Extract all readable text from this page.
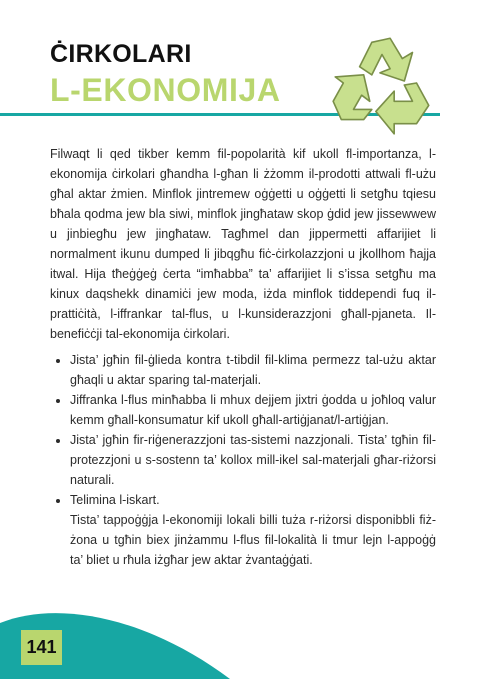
ĊIRKOLARI
L-EKONOMIJA

Filwaqt li qed tikber kemm fil-popolarità kif ukoll fl-importanza, l-ekonomija ċirkolari għandha l-għan li żżomm il-prodotti attwali fl-użu għal aktar żmien. Minflok jintremew oġġetti u oġġetti li setgħu tqiesu bħala qodma jew bla siwi, minflok jingħataw skop ġdid jew jissewwew u jinbiegħu jew jingħataw. Tagħmel dan jippermetti affarijiet li normalment ikunu dumped li jibqgħu fiċ-ċirkolazzjoni u jkollhom ħajja itwal. Hija tħeġġeġ ċerta “imħabba” ta’ affarijiet li s’issa setgħu ma kinux daqshekk dinamiċi jew moda, iżda minflok tiddependi fuq il-prattiċità, l-iffrankar tal-flus, u l-kunsiderazzjoni għall-pjaneta. Il-benefiċċji tal-ekonomija ċirkolari.

• Jista’ jgħin fil-ġlieda kontra t-tibdil fil-klima permezz tal-użu aktar għaqli u aktar sparing tal-materjali.
• Jiffranka l-flus minħabba li mhux dejjem jixtri ġodda u joħloq valur kemm għall-konsumatur kif ukoll għall-artiġjanat/l-artiġjan.
• Jista’ jgħin fir-riġenerazzjoni tas-sistemi nazzjonali. Tista’ tgħin fil-protezzjoni u s-sostenn ta’ kollox mill-ikel sal-materjali għar-riżorsi naturali.
• Telimina l-iskart.
Tista’ tappoġġja l-ekonomiji lokali billi tuża r-riżorsi disponibbli fiż-żona u tgħin biex jinżammu l-flus fil-lokalità li tmur lejn l-appoġġ ta’ bliet u rħula iżgħar jew aktar żvantaġġati.
141
